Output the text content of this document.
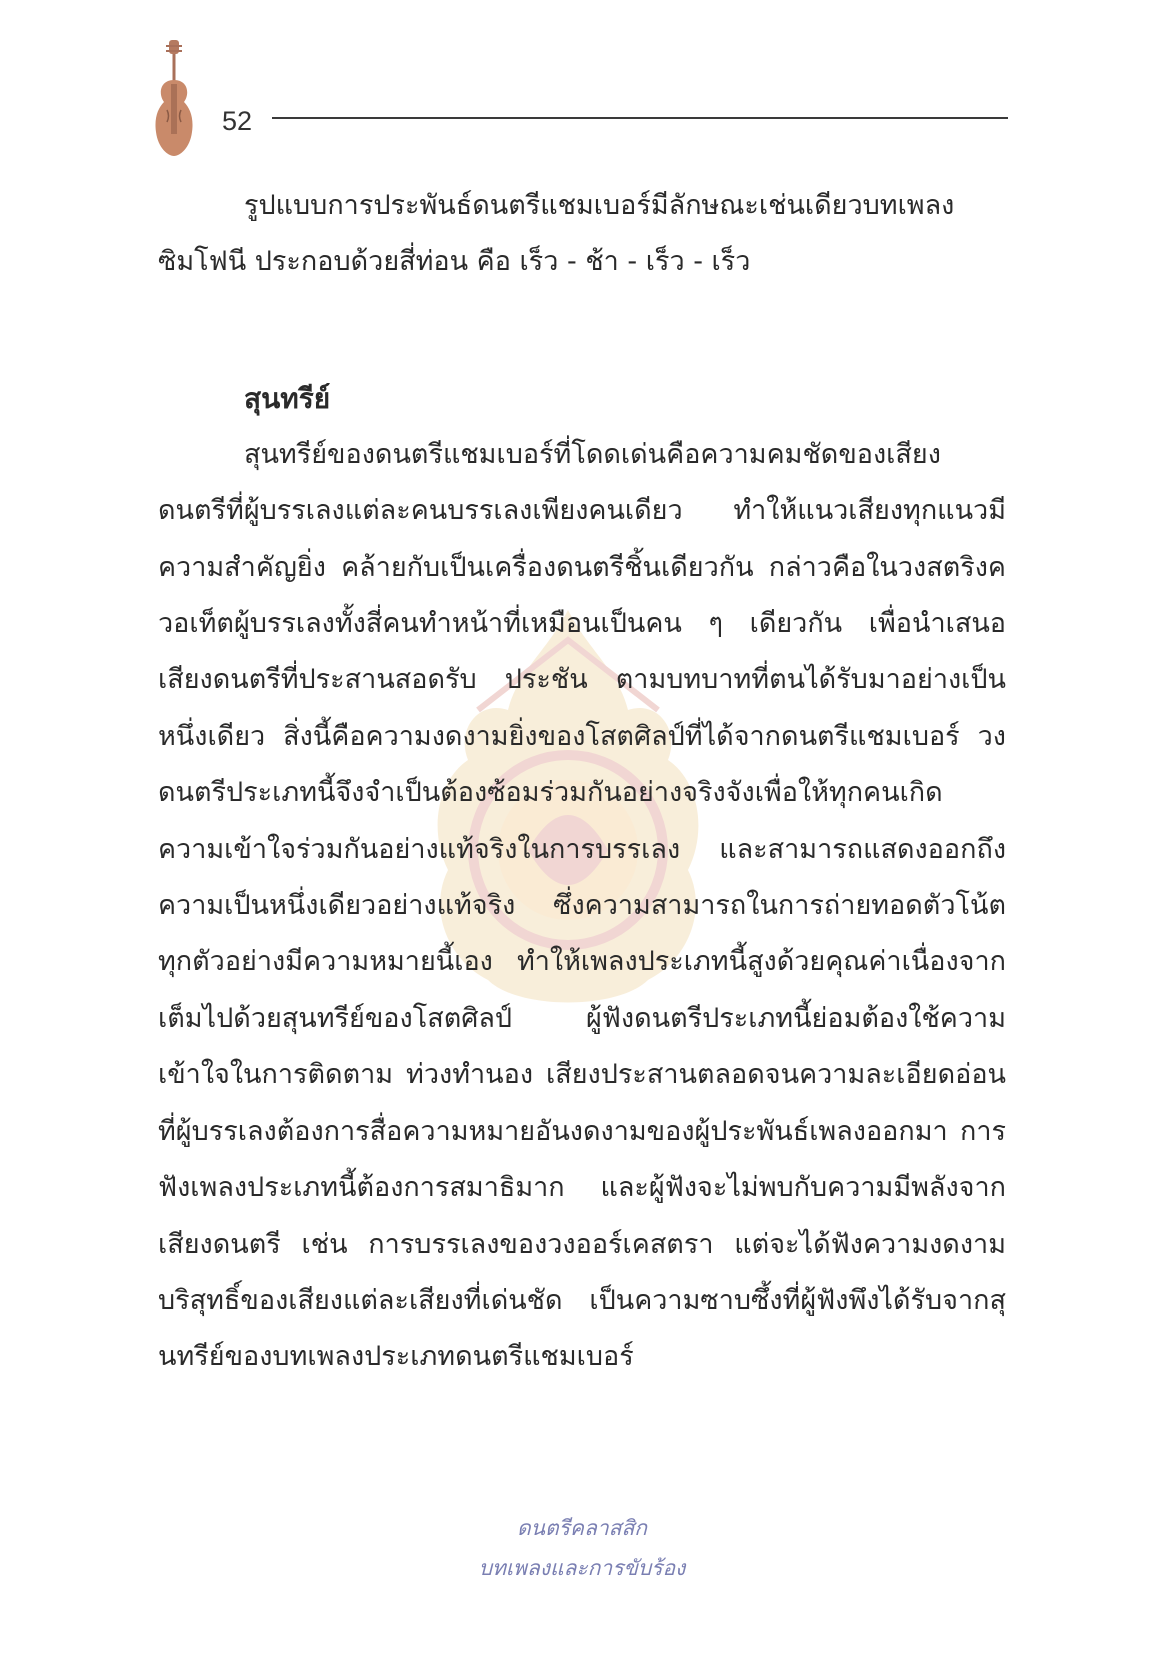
52

รูปแบบการประพันธ์ดนตรีแชมเบอร์มีลักษณะเช่นเดียวบทเพลงซิมโฟนี ประกอบด้วยสี่ท่อน คือ เร็ว - ช้า - เร็ว - เร็ว

สุนทรีย์

สุนทรีย์ของดนตรีแชมเบอร์ที่โดดเด่นคือความคมชัดของเสียงดนตรีที่ผู้บรรเลงแต่ละคนบรรเลงเพียงคนเดียว ทำให้แนวเสียงทุกแนวมีความสำคัญยิ่ง คล้ายกับเป็นเครื่องดนตรีชิ้นเดียวกัน กล่าวคือในวงสตริงควอเท็ตผู้บรรเลงทั้งสี่คนทำหน้าที่เหมือนเป็นคน ๆ เดียวกัน เพื่อนำเสนอเสียงดนตรีที่ประสานสอดรับ ประชัน ตามบทบาทที่ตนได้รับมาอย่างเป็นหนึ่งเดียว สิ่งนี้คือความงดงามยิ่งของโสตศิลป์ที่ได้จากดนตรีแชมเบอร์ วงดนตรีประเภทนี้จึงจำเป็นต้องซ้อมร่วมกันอย่างจริงจังเพื่อให้ทุกคนเกิดความเข้าใจร่วมกันอย่างแท้จริงในการบรรเลง และสามารถแสดงออกถึงความเป็นหนึ่งเดียวอย่างแท้จริง ซึ่งความสามารถในการถ่ายทอดตัวโน้ตทุกตัวอย่างมีความหมายนี้เอง ทำให้เพลงประเภทนี้สูงด้วยคุณค่าเนื่องจากเต็มไปด้วยสุนทรีย์ของโสตศิลป์ ผู้ฟังดนตรีประเภทนี้ย่อมต้องใช้ความเข้าใจในการติดตาม ท่วงทำนอง เสียงประสานตลอดจนความละเอียดอ่อนที่ผู้บรรเลงต้องการสื่อความหมายอันงดงามของผู้ประพันธ์เพลงออกมา การฟังเพลงประเภทนี้ต้องการสมาธิมาก และผู้ฟังจะไม่พบกับความมีพลังจากเสียงดนตรี เช่น การบรรเลงของวงออร์เคสตรา แต่จะได้ฟังความงดงามบริสุทธิ์ของเสียงแต่ละเสียงที่เด่นชัด เป็นความซาบซึ้งที่ผู้ฟังพึงได้รับจากสุนทรีย์ของบทเพลงประเภทดนตรีแชมเบอร์

ดนตรีคลาสสิก
บทเพลงและการขับร้อง
